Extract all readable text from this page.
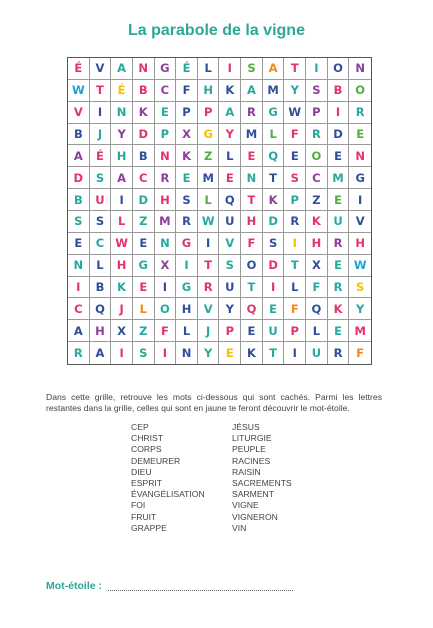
La parabole de la vigne
É	V	A	N	G	É	L	I	S	A	T	I	O	N
W T	É	B	C	F	H	K	A M	Y	S	B	O
V	I	N	K	E	P	P	A	R	G W P	I	R
B	J	Y	D	P	X	G	Y	M	L	F	R	D	E
A	É	H	B	N	K	Z	L	E	Q	E	O	E	N
D	S	A	C	R	E	M	E	N	T	S	C	M	G
B	U	I	D	H	S	L	Q	T	K	P	Z	E	I
S	S	L	Z	M R W U	H	D	R	K	U	V
E	C W E	N	G	I	V	F	S	I	H	R	H
N	L	H	G	X	I	T	S	O	D	T	X	E	W
I	B	K	E	I	G	R	U	T	I	L	F	R	S
C	Q	J	L	O	H	V	Y	Q	E	F	Q	K	Y
A	H	X	Z	F	L	J	P	E	U	P	L	E	M
R	A	I	S	I	N	Y	E	K	T	I	U	R	F
Dans cette grille, retrouve les mots ci-dessous qui sont cachés. Parmi les lettres restantes dans la grille, celles qui sont en jaune te feront découvrir le mot-étoile.
CEP
CHRIST
CORPS
DEMEURER
DIEU
ESPRIT
ÉVANGÉLISATION
FOI
FRUIT
GRAPPE
JÉSUS
LITURGIE
PEUPLE
RACINES
RAISIN
SACREMENTS
SARMENT
VIGNE
VIGNERON
VIN
Mot-étoile :
